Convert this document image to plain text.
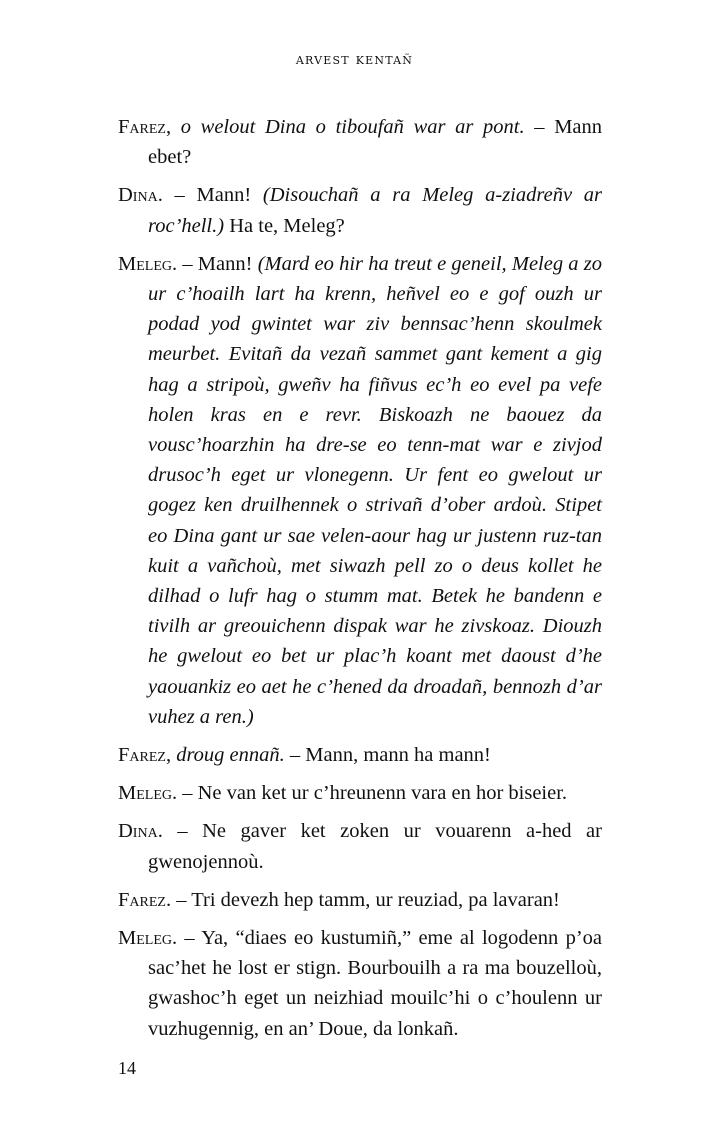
arvest kentañ

Farez, o welout Dina o tiboufañ war ar pont. – Mann ebet?

Dina. – Mann! (Disouchañ a ra Meleg a-ziadreñv ar roc’hell.) Ha te, Meleg?

Meleg. – Mann! (Mard eo hir ha treut e geneil, Meleg a zo ur c’hoailh lart ha krenn, heñvel eo e gof ouzh ur podad yod gwintet war ziv bennsac’henn skoulmek meurbet. Evitañ da vezañ sammet gant kement a gig hag a stripoù, gweñv ha fiñvus ec’h eo evel pa vefe holen kras en e revr. Biskoazh ne baouez da vousc’hoarzhin ha dre-se eo tenn-mat war e zivjod drusoc’h eget ur vlonegenn. Ur fent eo gwelout ur gogez ken druilhennek o strivañ d’ober ardoù. Stipet eo Dina gant ur sae velen-aour hag ur justenn ruz-tan kuit a vañchoù, met siwazh pell zo o deus kollet he dilhad o lufr hag o stumm mat. Betek he bandenn e tivilh ar greouichenn dispak war he zivskoaz. Diouzh he gwelout eo bet ur plac’h koant met daoust d’he yaouankiz eo aet he c’hened da droadañ, bennozh d’ar vuhez a ren.)

Farez, droug ennañ. – Mann, mann ha mann!

Meleg. – Ne van ket ur c’hreunenn vara en hor biseier.

Dina. – Ne gaver ket zoken ur vouarenn a-hed ar gwenojennoù.

Farez. – Tri devezh hep tamm, ur reuziad, pa lavaran!

Meleg. – Ya, “diaes eo kustumiñ,” eme al logodenn p’oa sac’het he lost er stign. Bourbouilh a ra ma bouzelloù, gwashoc’h eget un neizhiad mouilc’hi o c’houlenn ur vuzhugennig, en an’ Doue, da lonkañ.

14
